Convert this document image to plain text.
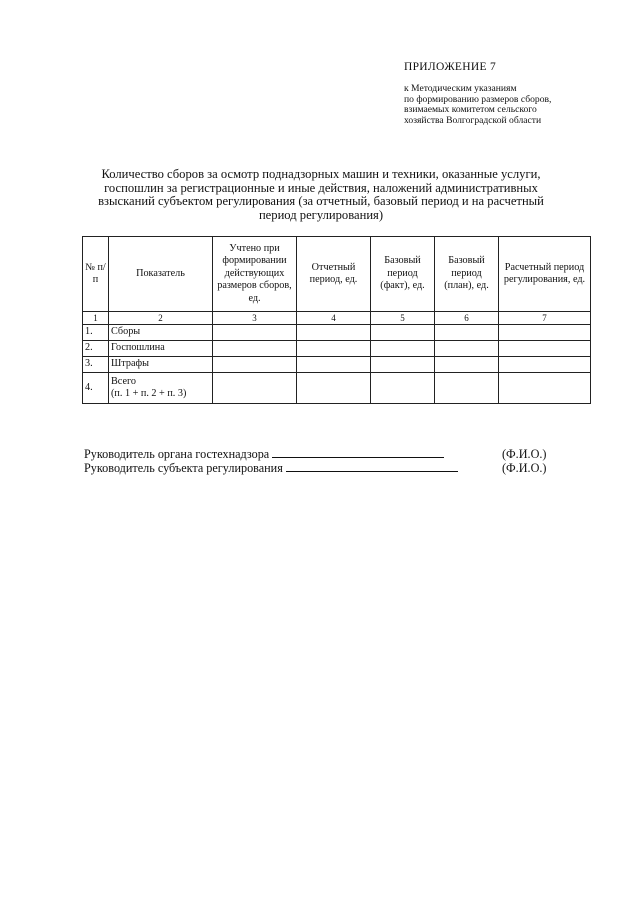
ПРИЛОЖЕНИЕ 7
к Методическим указаниям
по формированию размеров сборов,
взимаемых комитетом сельского
хозяйства Волгоградской области
Количество сборов за осмотр поднадзорных машин и техники, оказанные услуги,
госпошлин за регистрационные и иные действия, наложений административных
взысканий субъектом регулирования (за отчетный, базовый период и на расчетный
период регулирования)
№ п/п	Показатель	Учтено при формировании действующих размеров сборов, ед.	Отчетный период, ед.	Базовый период (факт), ед.	Базовый период (план), ед.	Расчетный период регулирования, ед.
1	2	3	4	5	6	7
1.	Сборы					
2.	Госпошлина					
3.	Штрафы					
4.	Всего
(п. 1 + п. 2 + п. 3)					

Руководитель органа гостехнадзора	(Ф.И.О.)
Руководитель субъекта регулирования	(Ф.И.О.)
